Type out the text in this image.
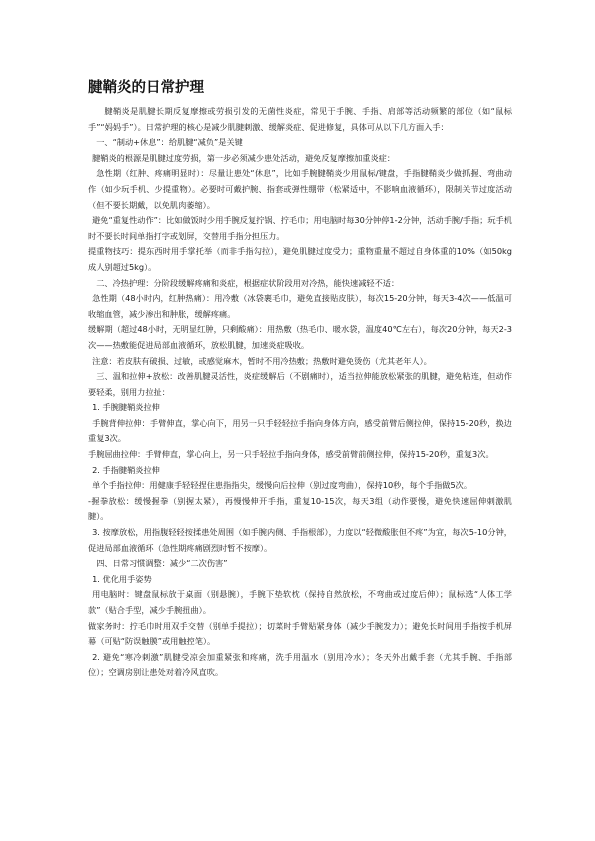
腱鞘炎的日常护理

腱鞘炎是肌腱长期反复摩擦或劳损引发的无菌性炎症，常见于手腕、手指、肩部等活动频繁的部位（如“鼠标手”“妈妈手”）。日常护理的核心是减少肌腱刺激、缓解炎症、促进修复，具体可从以下几方面入手：

一、“制动+休息”：给肌腱“减负”是关键

腱鞘炎的根源是肌腱过度劳损，第一步必须减少患处活动，避免反复摩擦加重炎症：

急性期（红肿、疼痛明显时）：尽量让患处“休息”，比如手腕腱鞘炎少用鼠标/键盘，手指腱鞘炎少做抓握、弯曲动作（如少玩手机、少提重物）。必要时可戴护腕、指套或弹性绷带（松紧适中，不影响血液循环），限制关节过度活动（但不要长期戴，以免肌肉萎缩）。

避免“重复性动作”：比如做饭时少用手腕反复拧锅、拧毛巾；用电脑时每30分钟停1-2分钟，活动手腕/手指；玩手机时不要长时间单指打字或划屏，交替用手指分担压力。

提重物技巧：提东西时用手掌托举（而非手指勾拉），避免肌腱过度受力；重物重量不超过自身体重的10%（如50kg成人别超过5kg）。

二、冷热护理：分阶段缓解疼痛和炎症，根据症状阶段用对冷热，能快速减轻不适：

急性期（48小时内，红肿热痛）：用冷敷（冰袋裹毛巾，避免直接贴皮肤），每次15-20分钟，每天3-4次——低温可收缩血管，减少渗出和肿胀，缓解疼痛。

缓解期（超过48小时，无明显红肿，只剩酸痛）：用热敷（热毛巾、暖水袋，温度40℃左右），每次20分钟，每天2-3次——热敷能促进局部血液循环，放松肌腱，加速炎症吸收。

注意：若皮肤有破损、过敏，或感觉麻木，暂时不用冷热敷；热敷时避免烫伤（尤其老年人）。

三、温和拉伸+放松：改善肌腱灵活性，炎症缓解后（不剧痛时），适当拉伸能放松紧张的肌腱，避免粘连，但动作要轻柔，别用力拉扯：

1. 手腕腱鞘炎拉伸

手腕背伸拉伸：手臂伸直，掌心向下，用另一只手轻轻拉手指向身体方向，感受前臂后侧拉伸，保持15-20秒，换边重复3次。

手腕屈曲拉伸：手臂伸直，掌心向上，另一只手轻拉手指向身体，感受前臂前侧拉伸，保持15-20秒，重复3次。

2. 手指腱鞘炎拉伸

单个手指拉伸：用健康手轻轻捏住患指指尖，缓慢向后拉伸（别过度弯曲），保持10秒，每个手指做5次。

-握拳放松：缓慢握拳（别握太紧），再慢慢伸开手指，重复10-15次，每天3组（动作要慢，避免快速屈伸刺激肌腱）。

3. 按摩放松，用指腹轻轻按揉患处周围（如手腕内侧、手指根部），力度以“轻微酸胀但不疼”为宜，每次5-10分钟，促进局部血液循环（急性期疼痛剧烈时暂不按摩）。

四、日常习惯调整：减少“二次伤害”

1. 优化用手姿势

用电脑时：键盘鼠标放于桌面（别悬腕），手腕下垫软枕（保持自然放松，不弯曲或过度后伸）；鼠标选“人体工学款”（贴合手型，减少手腕扭曲）。

做家务时：拧毛巾时用双手交替（别单手提拉）；切菜时手臂贴紧身体（减少手腕发力）；避免长时间用手指按手机屏幕（可贴“防误触膜”或用触控笔）。

2. 避免“寒冷刺激”肌腱受凉会加重紧张和疼痛，洗手用温水（别用冷水）；冬天外出戴手套（尤其手腕、手指部位）；空调房别让患处对着冷风直吹。
